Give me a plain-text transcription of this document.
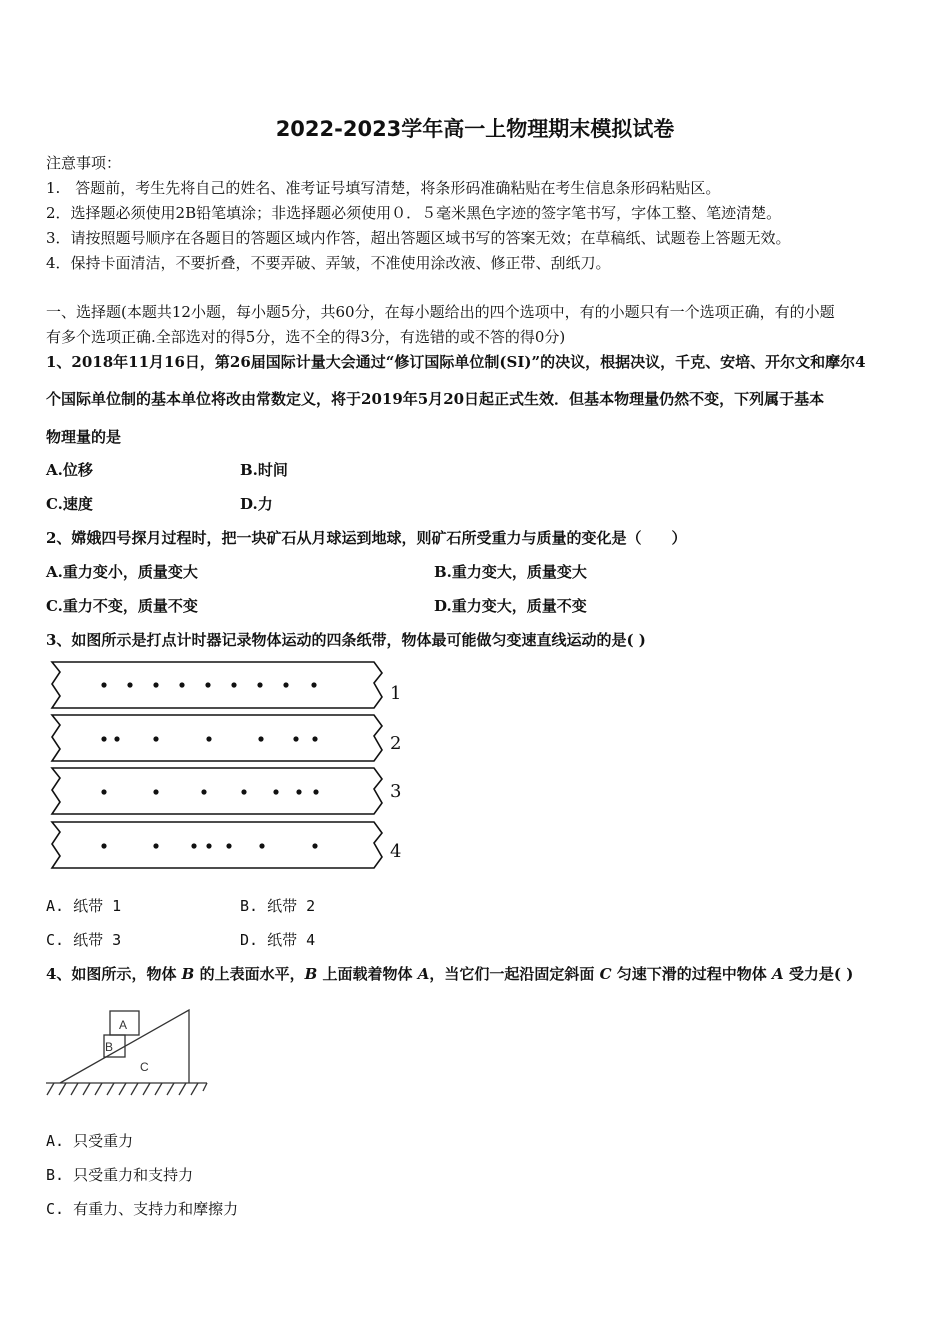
2022-2023学年高一上物理期末模拟试卷
注意事项：
1.　答题前，考生先将自己的姓名、准考证号填写清楚，将条形码准确粘贴在考生信息条形码粘贴区。
2．选择题必须使用2B铅笔填涂；非选择题必须使用０．５毫米黑色字迹的签字笔书写，字体工整、笔迹清楚。
3．请按照题号顺序在各题目的答题区域内作答，超出答题区域书写的答案无效；在草稿纸、试题卷上答题无效。
4．保持卡面清洁，不要折叠，不要弄破、弄皱，不准使用涂改液、修正带、刮纸刀。
一、选择题(本题共12小题，每小题5分，共60分，在每小题给出的四个选项中，有的小题只有一个选项正确，有的小题
有多个选项正确.全部选对的得5分，选不全的得3分，有选错的或不答的得0分)
1、2018年11月16日，第26届国际计量大会通过“修订国际单位制(SI)”的决议，根据决议，千克、安培、开尔文和摩尔4
个国际单位制的基本单位将改由常数定义，将于2019年5月20日起正式生效．但基本物理量仍然不变，下列属于基本
物理量的是
A.位移	B.时间
C.速度	D.力
2、嫦娥四号探月过程时，把一块矿石从月球运到地球，则矿石所受重力与质量的变化是（　　）
A.重力变小，质量变大	B.重力变大，质量变大
C.重力不变，质量不变	D.重力变大，质量不变
3、如图所示是打点计时器记录物体运动的四条纸带，物体最可能做匀变速直线运动的是( )
1
2
3
4
A. 纸带 1	B. 纸带 2
C. 纸带 3	D. 纸带 4
4、如图所示，物体 B 的上表面水平，B 上面载着物体 A，当它们一起沿固定斜面 C 匀速下滑的过程中物体 A 受力是( )
A
B
C
A. 只受重力
B. 只受重力和支持力
C. 有重力、支持力和摩擦力
